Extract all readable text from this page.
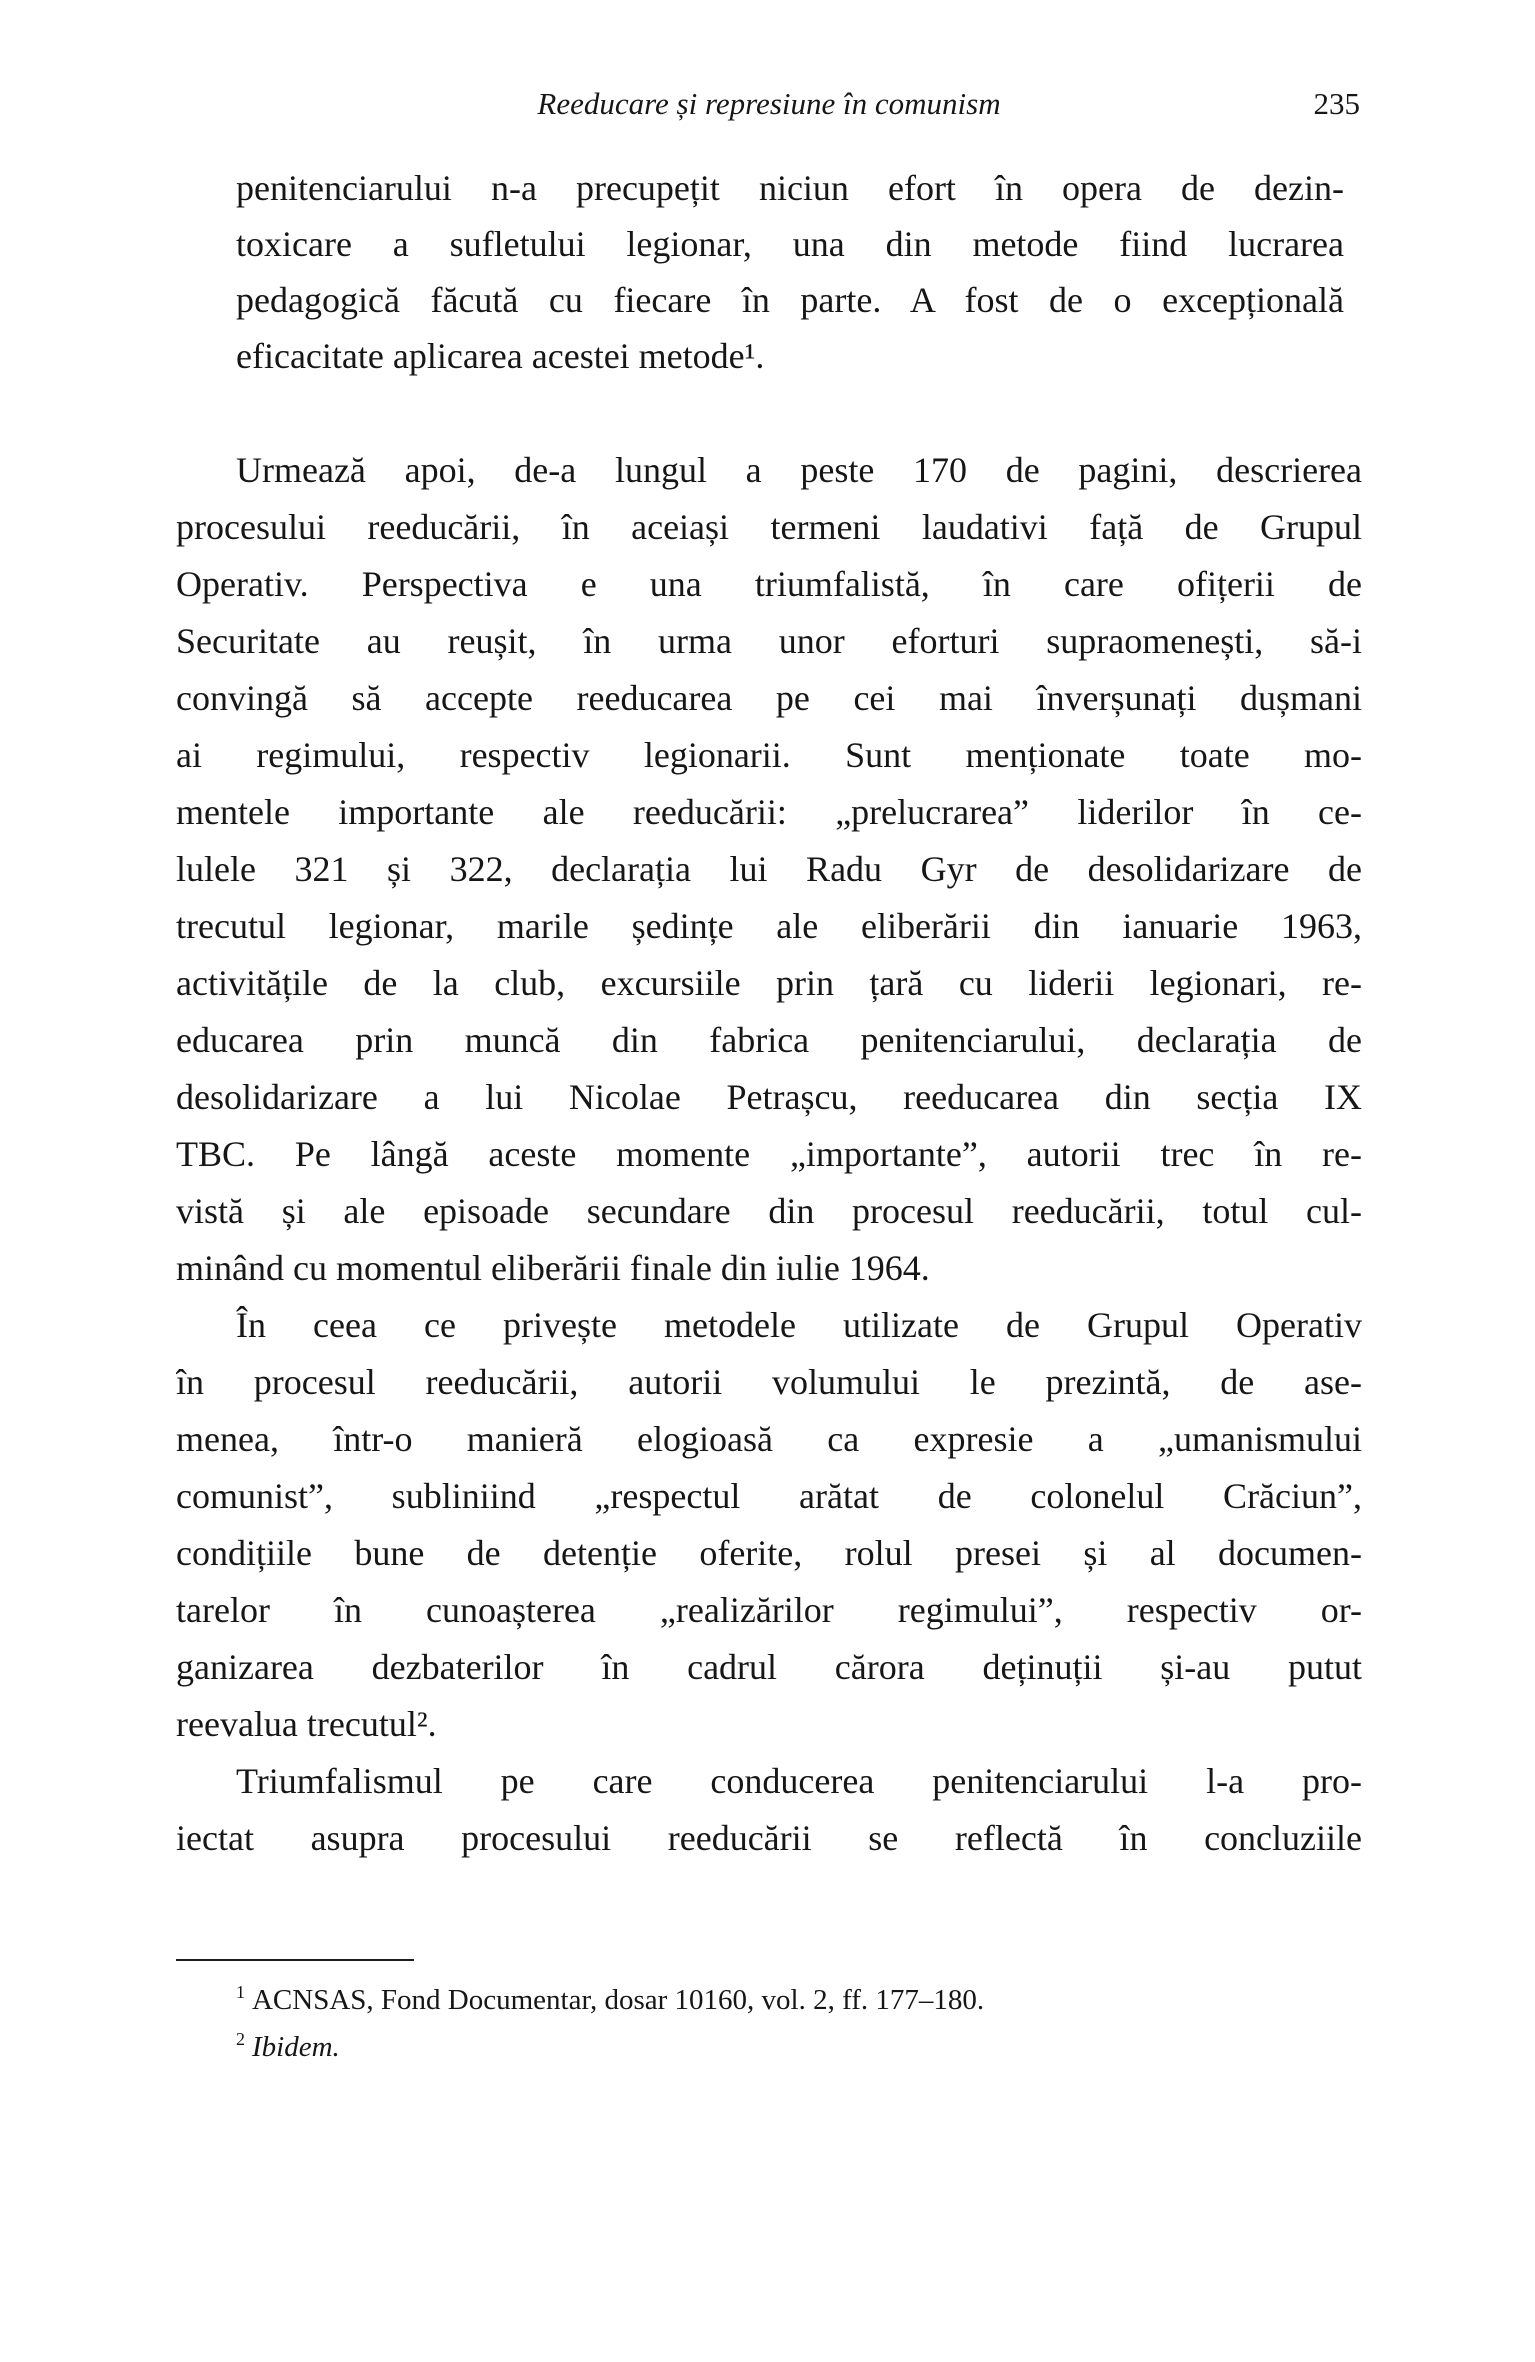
Reeducare și represiune în comunism	235
penitenciarului n-a precupețit niciun efort în opera de dezin-
toxicare a sufletului legionar, una din metode fiind lucrarea
pedagogică făcută cu fiecare în parte. A fost de o excepțională
eficacitate aplicarea acestei metode¹.
Urmează apoi, de-a lungul a peste 170 de pagini, descrierea
procesului reeducării, în aceiași termeni laudativi față de Grupul
Operativ. Perspectiva e una triumfalistă, în care ofițerii de
Securitate au reușit, în urma unor eforturi supraomenești, să-i
convingă să accepte reeducarea pe cei mai înverșunați dușmani
ai regimului, respectiv legionarii. Sunt menționate toate mo-
mentele importante ale reeducării: „prelucrarea” liderilor în ce-
lulele 321 și 322, declarația lui Radu Gyr de desolidarizare de
trecutul legionar, marile ședințe ale eliberării din ianuarie 1963,
activitățile de la club, excursiile prin țară cu liderii legionari, re-
educarea prin muncă din fabrica penitenciarului, declarația de
desolidarizare a lui Nicolae Petrașcu, reeducarea din secția IX
TBC. Pe lângă aceste momente „importante”, autorii trec în re-
vistă și ale episoade secundare din procesul reeducării, totul cul-
minând cu momentul eliberării finale din iulie 1964.
În ceea ce privește metodele utilizate de Grupul Operativ
în procesul reeducării, autorii volumului le prezintă, de ase-
menea, într-o manieră elogioasă ca expresie a „umanismului
comunist”, subliniind „respectul arătat de colonelul Crăciun”,
condițiile bune de detenție oferite, rolul presei și al documen-
tarelor în cunoașterea „realizărilor regimului”, respectiv or-
ganizarea dezbaterilor în cadrul cărora deținuții și-au putut
reevalua trecutul².
Triumfalismul pe care conducerea penitenciarului l-a pro-
iectat asupra procesului reeducării se reflectă în concluziile
$^1$ ACNSAS, Fond Documentar, dosar 10160, vol. 2, ff. 177–180.
$^2$ Ibidem.
